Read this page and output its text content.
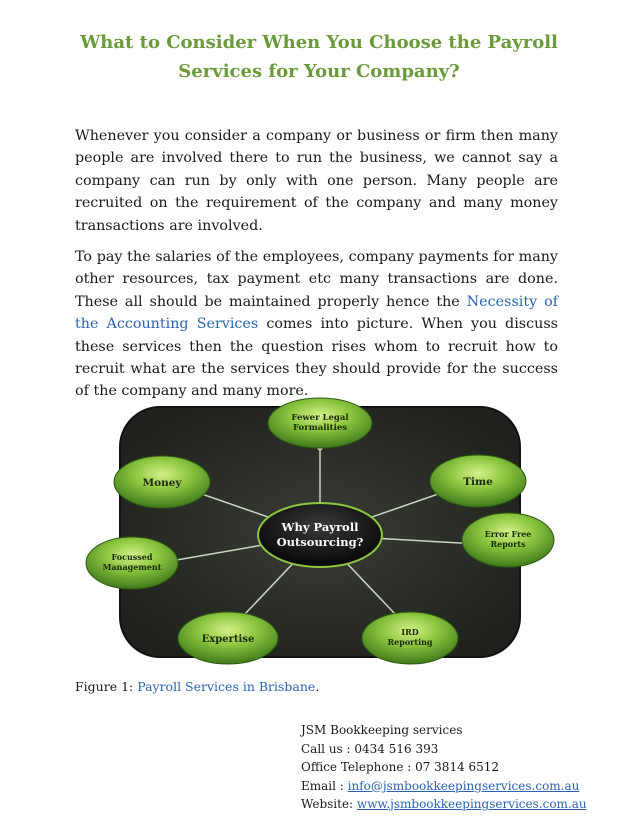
What to Consider When You Choose the Payroll Services for Your Company?

Whenever you consider a company or business or firm then many people are involved there to run the business, we cannot say a company can run by only with one person. Many people are recruited on the requirement of the company and many money transactions are involved.

To pay the salaries of the employees, company payments for many other resources, tax payment etc many transactions are done. These all should be maintained properly hence the Necessity of the Accounting Services comes into picture. When you discuss these services then the question rises whom to recruit how to recruit what are the services they should provide for the success of the company and many more.

Why Payroll
Outsourcing?
Fewer Legal
Formalities
Money	Time
Focussed
Management
Error Free
Reports
Expertise
IRD
Reporting
Figure 1: Payroll Services in Brisbane.
JSM Bookkeeping services
Call us : 0434 516 393
Office Telephone : 07 3814 6512
Email : info@jsmbookkeepingservices.com.au
Website: www.jsmbookkeepingservices.com.au
